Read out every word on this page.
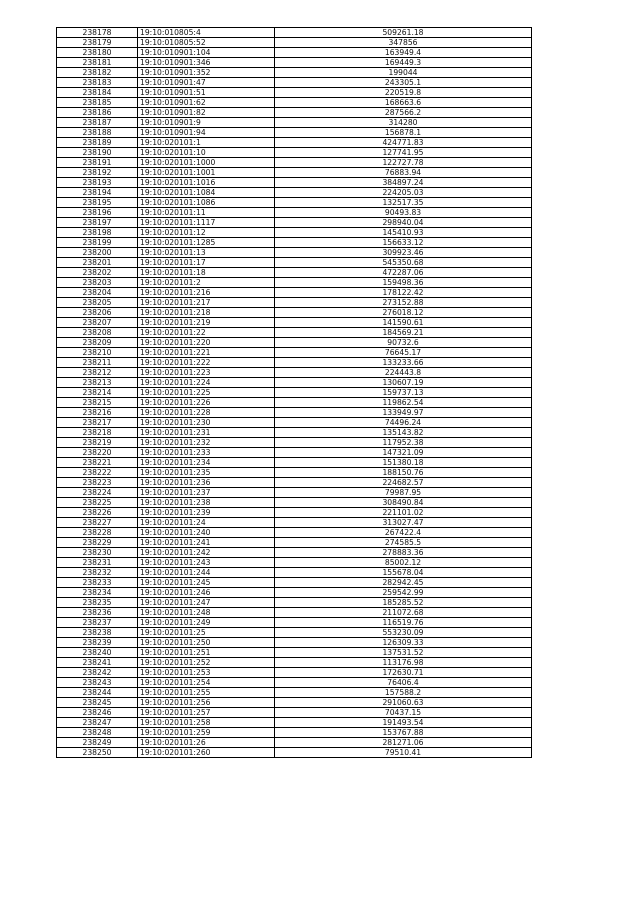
238178	19:10:010805:4	509261.18
238179	19:10:010805:52	347856
238180	19:10:010901:104	163949.4
238181	19:10:010901:346	169449.3
238182	19:10:010901:352	199044
238183	19:10:010901:47	243305.1
238184	19:10:010901:51	220519.8
238185	19:10:010901:62	168663.6
238186	19:10:010901:82	287566.2
238187	19:10:010901:9	314280
238188	19:10:010901:94	156878.1
238189	19:10:020101:1	424771.83
238190	19:10:020101:10	127741.95
238191	19:10:020101:1000	122727.78
238192	19:10:020101:1001	76883.94
238193	19:10:020101:1016	384897.24
238194	19:10:020101:1084	224205.03
238195	19:10:020101:1086	132517.35
238196	19:10:020101:11	90493.83
238197	19:10:020101:1117	298940.04
238198	19:10:020101:12	145410.93
238199	19:10:020101:1285	156633.12
238200	19:10:020101:13	309923.46
238201	19:10:020101:17	545350.68
238202	19:10:020101:18	472287.06
238203	19:10:020101:2	159498.36
238204	19:10:020101:216	178122.42
238205	19:10:020101:217	273152.88
238206	19:10:020101:218	276018.12
238207	19:10:020101:219	141590.61
238208	19:10:020101:22	184569.21
238209	19:10:020101:220	90732.6
238210	19:10:020101:221	76645.17
238211	19:10:020101:222	133233.66
238212	19:10:020101:223	224443.8
238213	19:10:020101:224	130607.19
238214	19:10:020101:225	159737.13
238215	19:10:020101:226	119862.54
238216	19:10:020101:228	133949.97
238217	19:10:020101:230	74496.24
238218	19:10:020101:231	135143.82
238219	19:10:020101:232	117952.38
238220	19:10:020101:233	147321.09
238221	19:10:020101:234	151380.18
238222	19:10:020101:235	188150.76
238223	19:10:020101:236	224682.57
238224	19:10:020101:237	79987.95
238225	19:10:020101:238	308490.84
238226	19:10:020101:239	221101.02
238227	19:10:020101:24	313027.47
238228	19:10:020101:240	267422.4
238229	19:10:020101:241	274585.5
238230	19:10:020101:242	278883.36
238231	19:10:020101:243	85002.12
238232	19:10:020101:244	155678.04
238233	19:10:020101:245	282942.45
238234	19:10:020101:246	259542.99
238235	19:10:020101:247	185285.52
238236	19:10:020101:248	211072.68
238237	19:10:020101:249	116519.76
238238	19:10:020101:25	553230.09
238239	19:10:020101:250	126309.33
238240	19:10:020101:251	137531.52
238241	19:10:020101:252	113176.98
238242	19:10:020101:253	172630.71
238243	19:10:020101:254	76406.4
238244	19:10:020101:255	157588.2
238245	19:10:020101:256	291060.63
238246	19:10:020101:257	70437.15
238247	19:10:020101:258	191493.54
238248	19:10:020101:259	153767.88
238249	19:10:020101:26	281271.06
238250	19:10:020101:260	79510.41
